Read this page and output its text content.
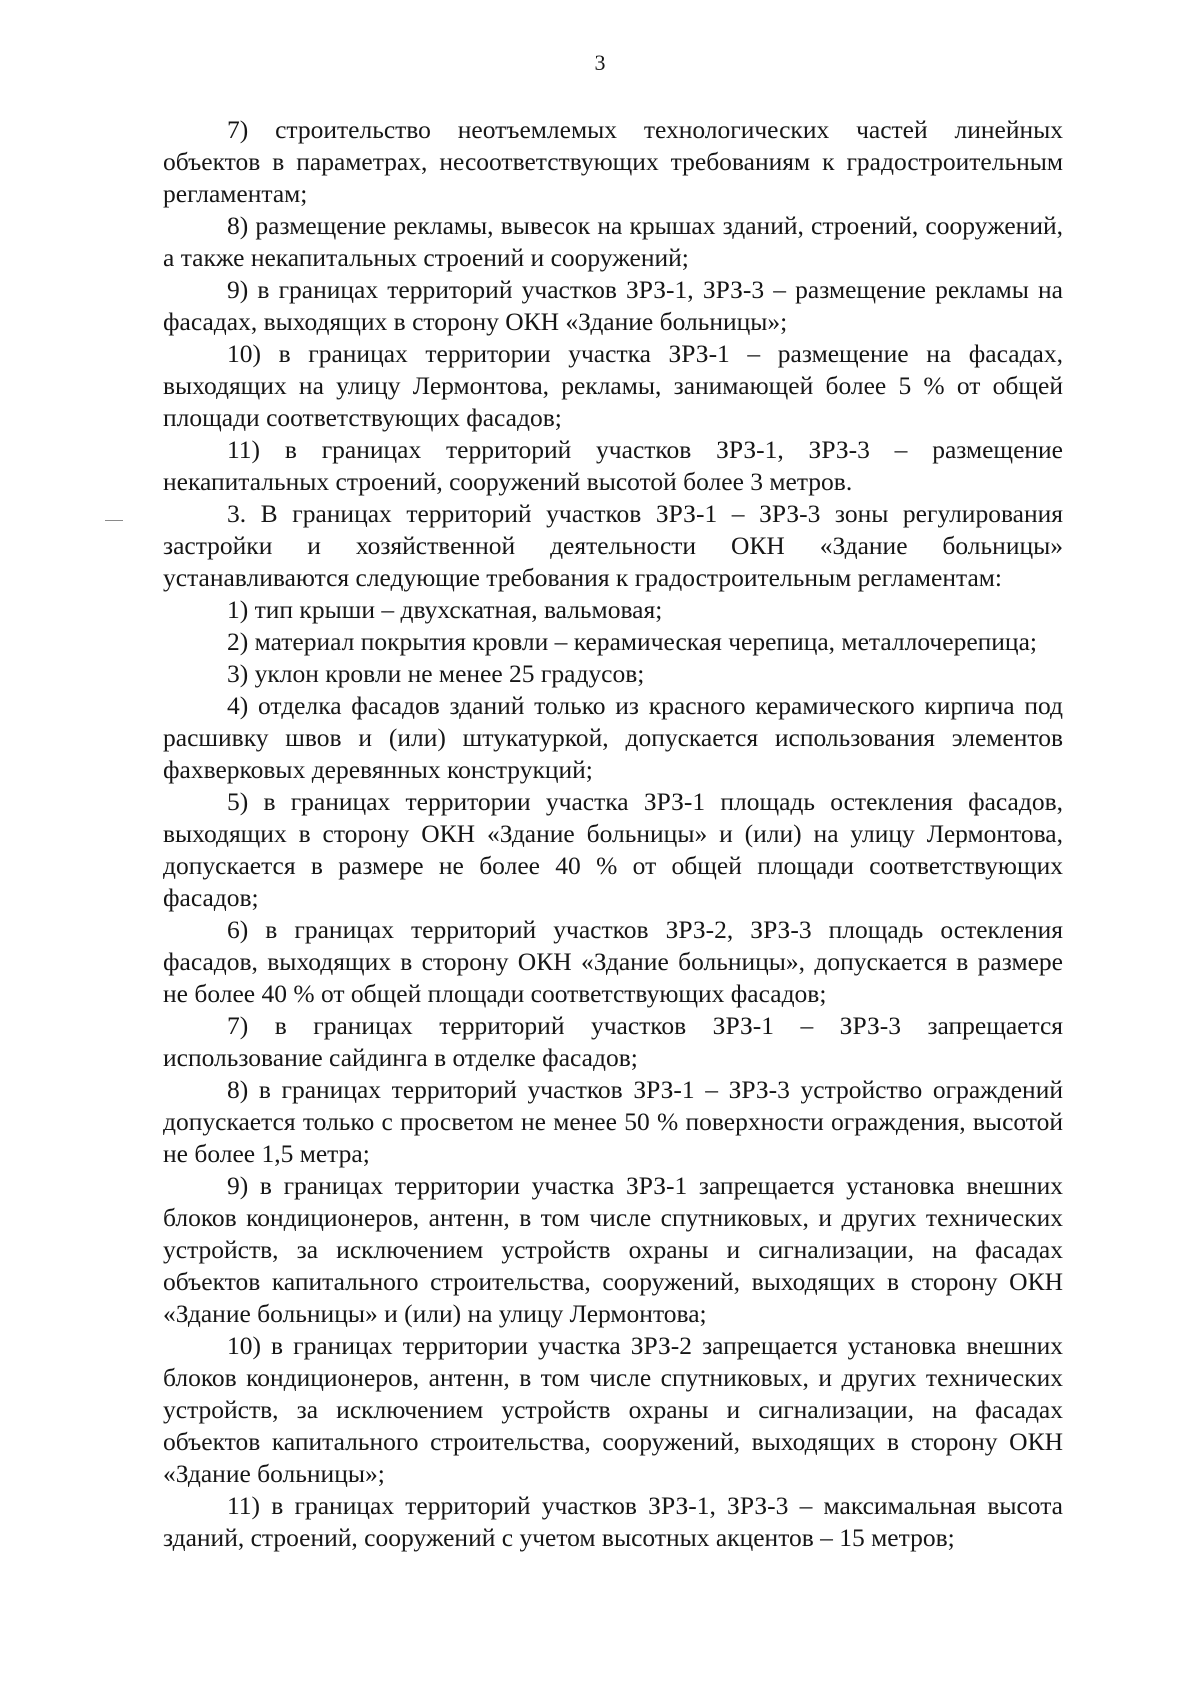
3

7) строительство неотъемлемых технологических частей линейных объектов в параметрах, несоответствующих требованиям к градостроительным регламентам;

8) размещение рекламы, вывесок на крышах зданий, строений, сооружений, а также некапитальных строений и сооружений;

9) в границах территорий участков ЗРЗ-1, ЗРЗ-3 – размещение рекламы на фасадах, выходящих в сторону ОКН «Здание больницы»;

10) в границах территории участка ЗРЗ-1 – размещение на фасадах, выходящих на улицу Лермонтова, рекламы, занимающей более 5 % от общей площади соответствующих фасадов;

11) в границах территорий участков ЗРЗ-1, ЗРЗ-3 – размещение некапитальных строений, сооружений высотой более 3 метров.

3. В границах территорий участков ЗРЗ-1 – ЗРЗ-3 зоны регулирования застройки и хозяйственной деятельности ОКН «Здание больницы» устанавливаются следующие требования к градостроительным регламентам:

1) тип крыши – двухскатная, вальмовая;

2) материал покрытия кровли – керамическая черепица, металлочерепица;

3) уклон кровли не менее 25 градусов;

4) отделка фасадов зданий только из красного керамического кирпича под расшивку швов и (или) штукатуркой, допускается использования элементов фахверковых деревянных конструкций;

5) в границах территории участка ЗРЗ-1 площадь остекления фасадов, выходящих в сторону ОКН «Здание больницы» и (или) на улицу Лермонтова, допускается в размере не более 40 % от общей площади соответствующих фасадов;

6) в границах территорий участков ЗРЗ-2, ЗРЗ-3 площадь остекления фасадов, выходящих в сторону ОКН «Здание больницы», допускается в размере не более 40 % от общей площади соответствующих фасадов;

7) в границах территорий участков ЗРЗ-1 – ЗРЗ-3 запрещается использование сайдинга в отделке фасадов;

8) в границах территорий участков ЗРЗ-1 – ЗРЗ-3 устройство ограждений допускается только с просветом не менее 50 % поверхности ограждения, высотой не более 1,5 метра;

9) в границах территории участка ЗРЗ-1 запрещается установка внешних блоков кондиционеров, антенн, в том числе спутниковых, и других технических устройств, за исключением устройств охраны и сигнализации, на фасадах объектов капитального строительства, сооружений, выходящих в сторону ОКН «Здание больницы» и (или) на улицу Лермонтова;

10) в границах территории участка ЗРЗ-2 запрещается установка внешних блоков кондиционеров, антенн, в том числе спутниковых, и других технических устройств, за исключением устройств охраны и сигнализации, на фасадах объектов капитального строительства, сооружений, выходящих в сторону ОКН «Здание больницы»;

11) в границах территорий участков ЗРЗ-1, ЗРЗ-3 – максимальная высота зданий, строений, сооружений с учетом высотных акцентов – 15 метров;
